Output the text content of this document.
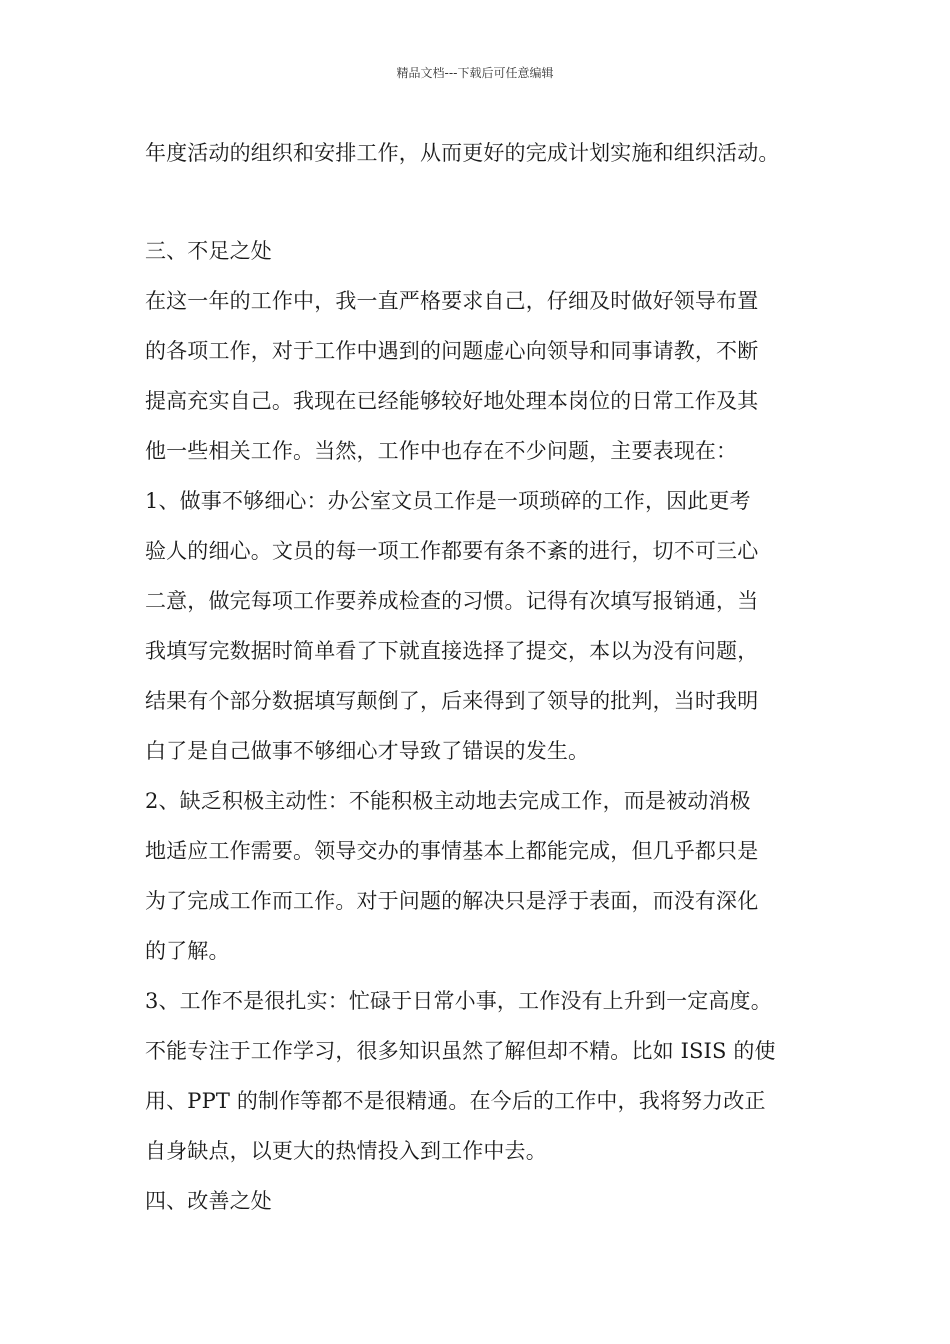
精品文档---下载后可任意编辑
年度活动的组织和安排工作，从而更好的完成计划实施和组织活动。
三、不足之处
在这一年的工作中，我一直严格要求自己，仔细及时做好领导布置
的各项工作，对于工作中遇到的问题虚心向领导和同事请教，不断
提高充实自己。我现在已经能够较好地处理本岗位的日常工作及其
他一些相关工作。当然，工作中也存在不少问题，主要表现在：
1、做事不够细心：办公室文员工作是一项琐碎的工作，因此更考
验人的细心。文员的每一项工作都要有条不紊的进行，切不可三心
二意，做完每项工作要养成检查的习惯。记得有次填写报销通，当
我填写完数据时简单看了下就直接选择了提交，本以为没有问题，
结果有个部分数据填写颠倒了，后来得到了领导的批判，当时我明
白了是自己做事不够细心才导致了错误的发生。
2、缺乏积极主动性：不能积极主动地去完成工作，而是被动消极
地适应工作需要。领导交办的事情基本上都能完成，但几乎都只是
为了完成工作而工作。对于问题的解决只是浮于表面，而没有深化
的了解。
3、工作不是很扎实：忙碌于日常小事，工作没有上升到一定高度。
不能专注于工作学习，很多知识虽然了解但却不精。比如 ISIS 的使
用、PPT 的制作等都不是很精通。在今后的工作中，我将努力改正
自身缺点，以更大的热情投入到工作中去。
四、改善之处
